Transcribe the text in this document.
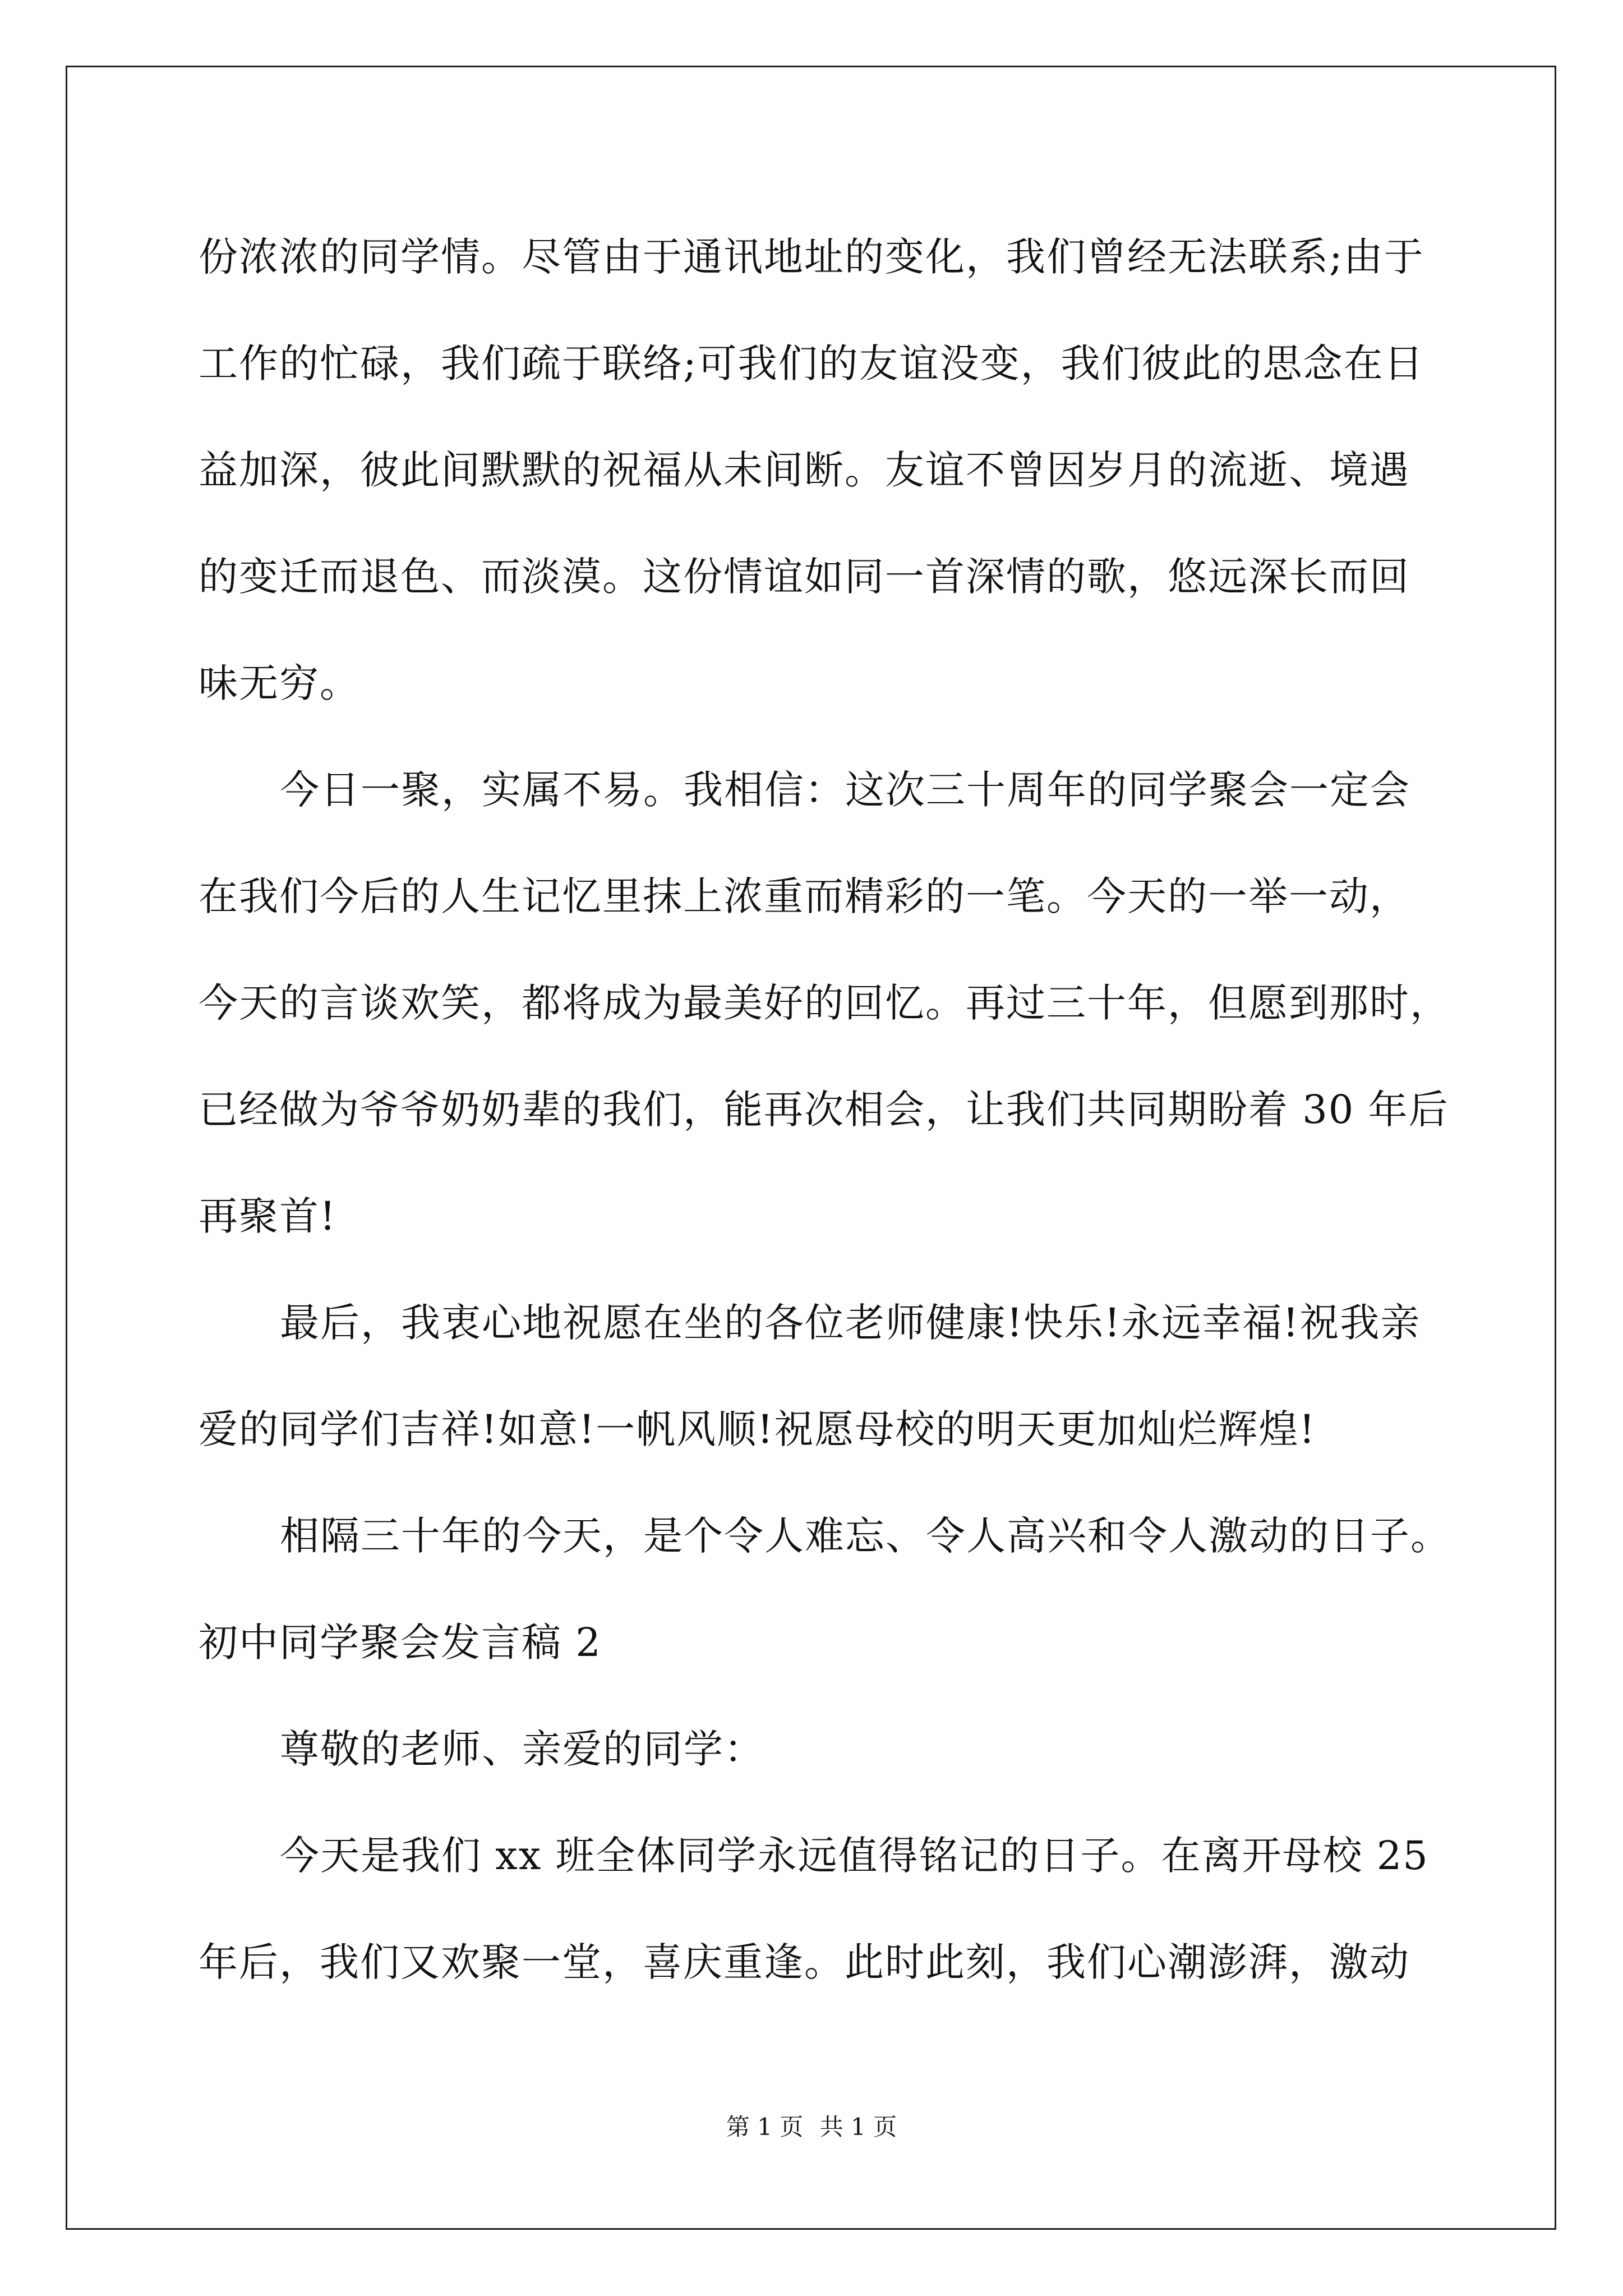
份浓浓的同学情。尽管由于通讯地址的变化，我们曾经无法联系;由于
工作的忙碌，我们疏于联络;可我们的友谊没变，我们彼此的思念在日
益加深，彼此间默默的祝福从未间断。友谊不曾因岁月的流逝、境遇
的变迁而退色、而淡漠。这份情谊如同一首深情的歌，悠远深长而回
味无穷。
今日一聚，实属不易。我相信：这次三十周年的同学聚会一定会
在我们今后的人生记忆里抹上浓重而精彩的一笔。今天的一举一动，
今天的言谈欢笑，都将成为最美好的回忆。再过三十年，但愿到那时，
已经做为爷爷奶奶辈的我们，能再次相会，让我们共同期盼着 30 年后
再聚首!
最后，我衷心地祝愿在坐的各位老师健康!快乐!永远幸福!祝我亲
爱的同学们吉祥!如意!一帆风顺!祝愿母校的明天更加灿烂辉煌!
相隔三十年的今天，是个令人难忘、令人高兴和令人激动的日子。
初中同学聚会发言稿 2
尊敬的老师、亲爱的同学：
今天是我们 xx 班全体同学永远值得铭记的日子。在离开母校 25
年后，我们又欢聚一堂，喜庆重逢。此时此刻，我们心潮澎湃，激动
第 1 页 共 1 页
